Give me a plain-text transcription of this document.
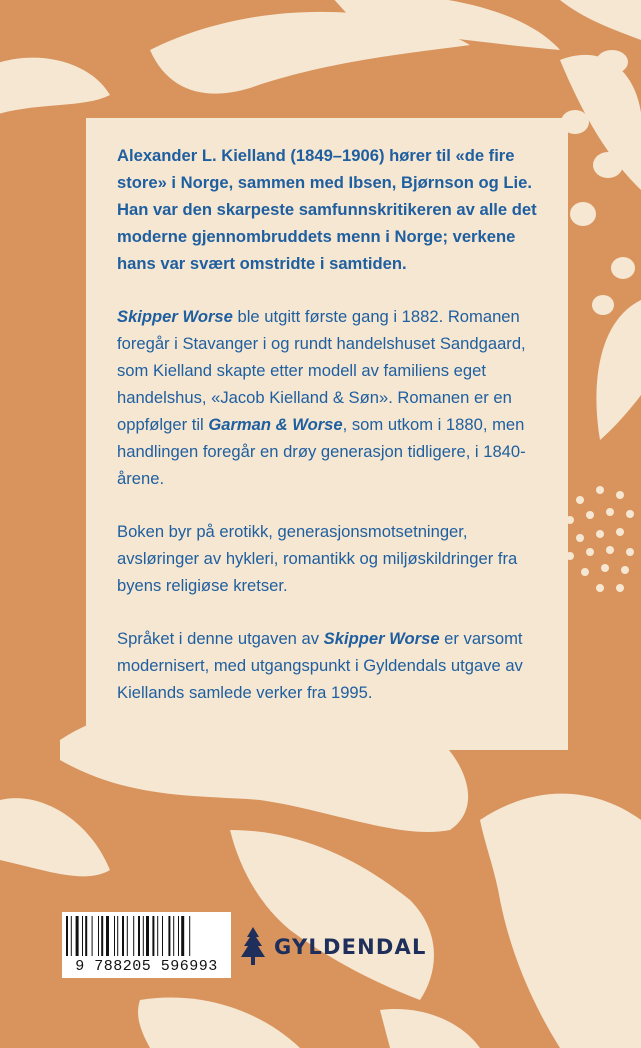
Alexander L. Kielland (1849–1906) hører til «de fire store» i Norge, sammen med Ibsen, Bjørnson og Lie. Han var den skarpeste samfunnskritikeren av alle det moderne gjennombruddets menn i Norge; verkene hans var svært omstridte i samtiden.

Skipper Worse ble utgitt første gang i 1882. Romanen foregår i Stavanger i og rundt handelshuset Sandgaard, som Kielland skapte etter modell av familiens eget handelshus, «Jacob Kielland & Søn». Romanen er en oppfølger til Garman & Worse, som utkom i 1880, men handlingen foregår en drøy generasjon tidligere, i 1840-årene.

Boken byr på erotikk, generasjonsmotsetninger, avsløringer av hykleri, romantikk og miljøskildringer fra byens religiøse kretser.

Språket i denne utgaven av Skipper Worse er varsomt modernisert, med utgangspunkt i Gyldendals utgave av Kiellands samlede verker fra 1995.

9 788205 596993
GYLDENDAL
